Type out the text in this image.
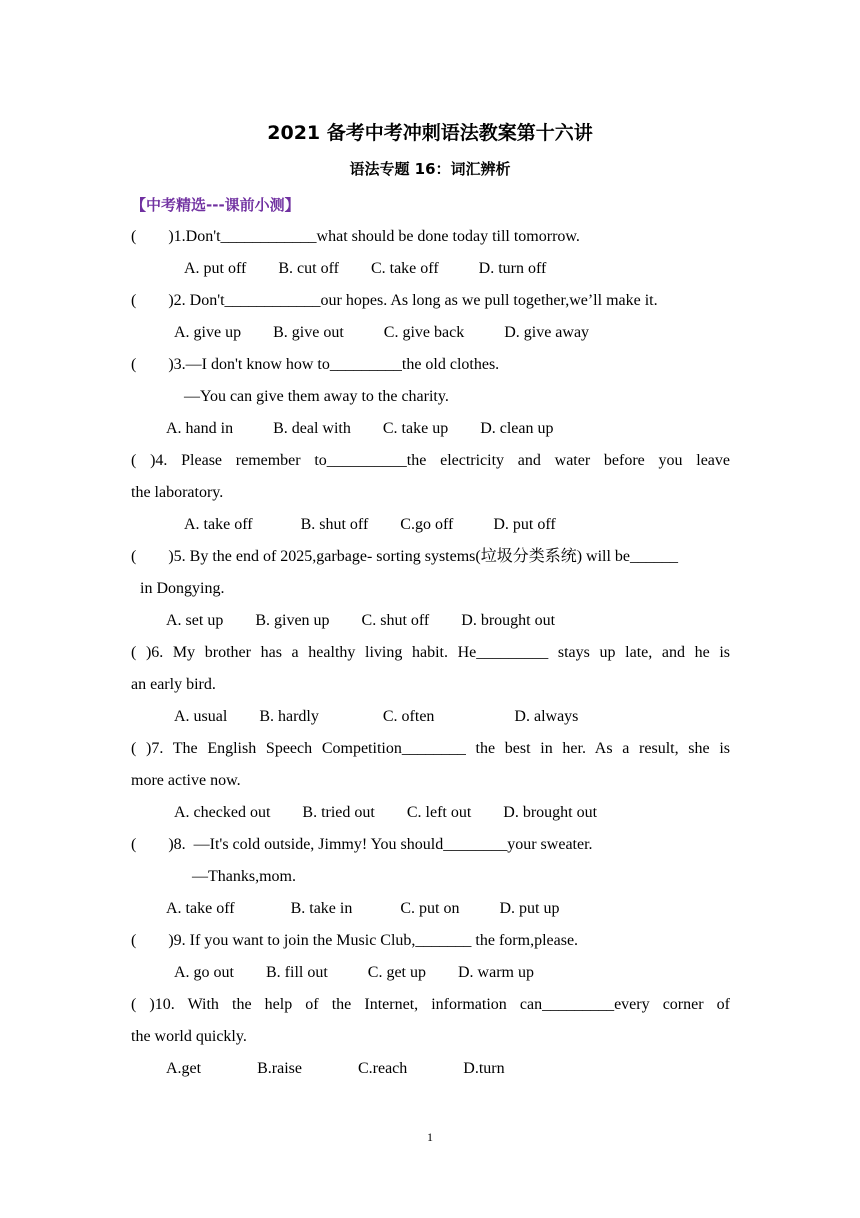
2021 备考中考冲刺语法教案第十六讲
语法专题 16：词汇辨析
【中考精选---课前小测】
(        )1.Don't____________what should be done today till tomorrow.
A. put off        B. cut off        C. take off          D. turn off
(        )2. Don't____________our hopes. As long as we pull together,we’ll make it.
A. give up        B. give out          C. give back          D. give away
(        )3.—I don't know how to_________the old clothes.
—You can give them away to the charity.
A. hand in          B. deal with        C. take up        D. clean up
( )4. Please remember to__________the electricity and water before you leave
the laboratory.
A. take off            B. shut off        C.go off          D. put off
(        )5. By the end of 2025,garbage- sorting systems(垃圾分类系统) will be______
in Dongying.
A. set up        B. given up        C. shut off        D. brought out
( )6. My brother has a healthy living habit. He_________ stays up late, and he is
an early bird.
A. usual        B. hardly                C. often                    D. always
( )7. The English Speech Competition________ the best in her. As a result, she is
more active now.
A. checked out        B. tried out        C. left out        D. brought out
(        )8.  —It's cold outside, Jimmy! You should________your sweater.
—Thanks,mom.
A. take off              B. take in            C. put on          D. put up
(        )9. If you want to join the Music Club,_______ the form,please.
A. go out        B. fill out          C. get up        D. warm up
( )10. With the help of the Internet, information can_________every corner of
the world quickly.
A.get              B.raise              C.reach              D.turn
1
